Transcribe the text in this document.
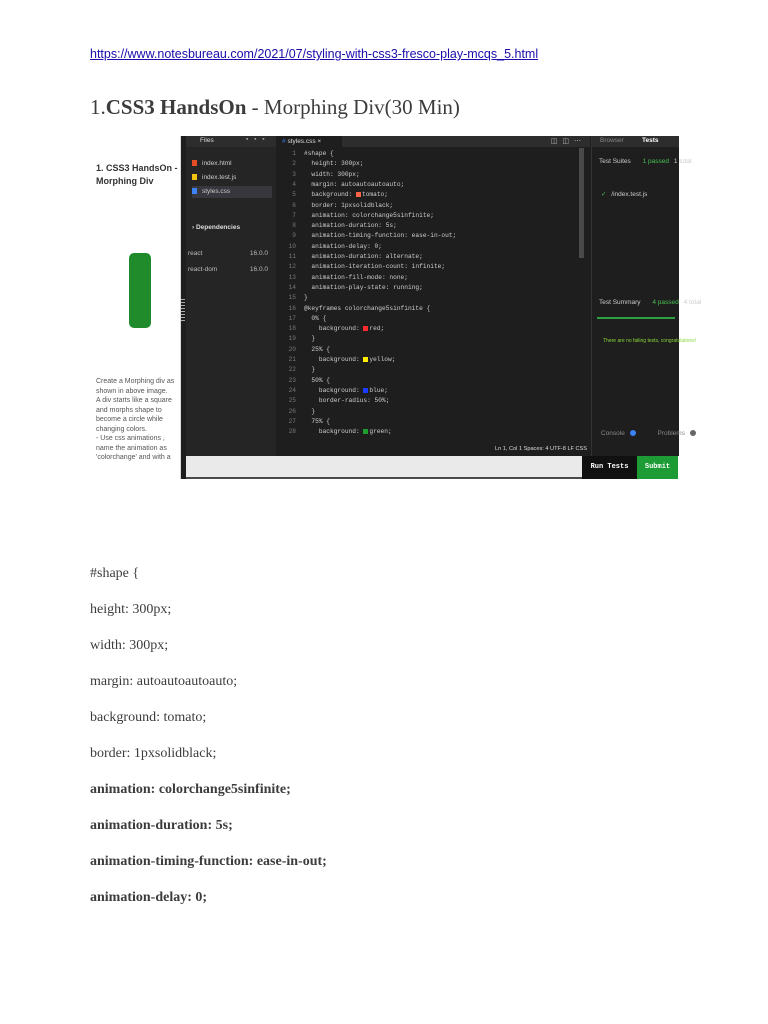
https://www.notesbureau.com/2021/07/styling-with-css3-fresco-play-mcqs_5.html
1.CSS3 HandsOn - Morphing Div(30 Min)
1. CSS3 HandsOn - Morphing Div
Create a Morphing div as
shown in above image.
A div starts like a square
and morphs shape to
become a circle while
changing colors.
- Use css animations ,
name the animation as
'colorchange' and with a
Files	▪ ▪ ▪
index.html
index.test.js
styles.css
› Dependencies
react	16.0.0
react-dom	16.0.0
# styles.css ×	◫◫⋯
1 #shape {
2 height: 300px;
3 width: 300px;
4 margin: autoautoautoauto;
5 background: tomato;
6 border: 1pxsolidblack;
7 animation: colorchange5sinfinite;
8 animation-duration: 5s;
9 animation-timing-function: ease-in-out;
10 animation-delay: 0;
11 animation-duration: alternate;
12 animation-iteration-count: infinite;
13 animation-fill-mode: none;
14 animation-play-state: running;
15 }
16 @keyframes colorchange5sinfinite {
17 0% {
18 background: red;
19 }
20 25% {
21 background: yellow;
22 }
23 50% {
24 background: blue;
25 border-radius: 50%;
26 }
27 75% {
28 background: green;
Browser	Tests
Test Suites 1 passed 1 total
✓ /index.test.js
Test Summary 4 passed 4 total
Console	Problems
There are no failing tests, congratulations!
Ln 1, Col 1 Spaces: 4 UTF-8 LF CSS
Run Tests	Submit
#shape {
height: 300px;
width: 300px;
margin: autoautoautoauto;
background: tomato;
border: 1pxsolidblack;
animation: colorchange5sinfinite;
animation-duration: 5s;
animation-timing-function: ease-in-out;
animation-delay: 0;
